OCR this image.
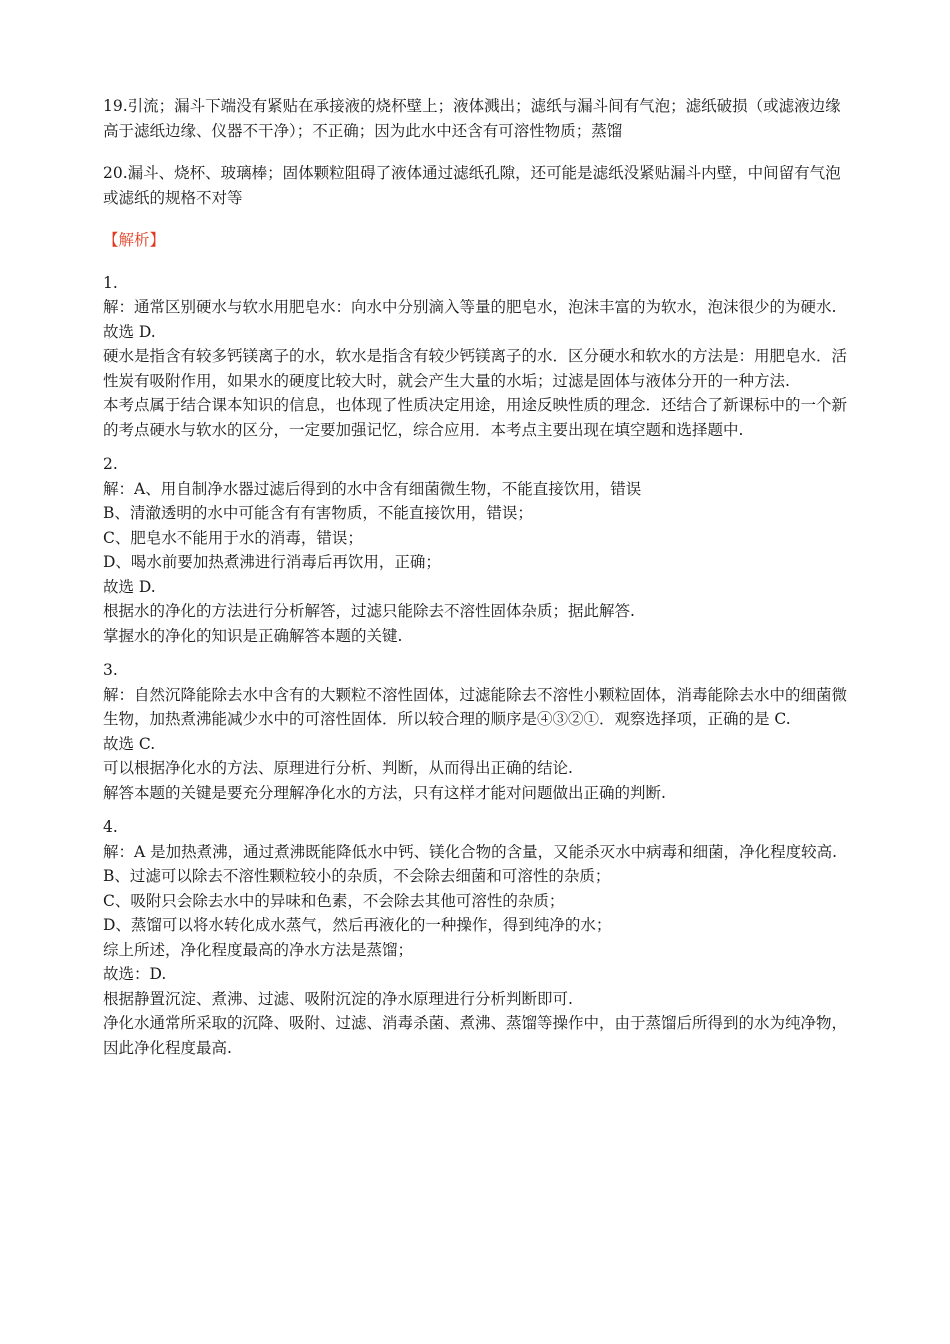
19.引流；漏斗下端没有紧贴在承接液的烧杯壁上；液体溅出；滤纸与漏斗间有气泡；滤纸破损（或滤液边缘高于滤纸边缘、仪器不干净）；不正确；因为此水中还含有可溶性物质；蒸馏

20.漏斗、烧杯、玻璃棒；固体颗粒阻碍了液体通过滤纸孔隙，还可能是滤纸没紧贴漏斗内壁，中间留有气泡或滤纸的规格不对等

【解析】

1.
解：通常区别硬水与软水用肥皂水：向水中分别滴入等量的肥皂水，泡沫丰富的为软水，泡沫很少的为硬水.
故选 D.
硬水是指含有较多钙镁离子的水，软水是指含有较少钙镁离子的水．区分硬水和软水的方法是：用肥皂水．活性炭有吸附作用，如果水的硬度比较大时，就会产生大量的水垢；过滤是固体与液体分开的一种方法.
本考点属于结合课本知识的信息，也体现了性质决定用途，用途反映性质的理念．还结合了新课标中的一个新的考点硬水与软水的区分，一定要加强记忆，综合应用．本考点主要出现在填空题和选择题中.
2.
解：A、用自制净水器过滤后得到的水中含有细菌微生物，不能直接饮用，错误
B、清澈透明的水中可能含有有害物质，不能直接饮用，错误；
C、肥皂水不能用于水的消毒，错误；
D、喝水前要加热煮沸进行消毒后再饮用，正确；
故选 D.
根据水的净化的方法进行分析解答，过滤只能除去不溶性固体杂质；据此解答.
掌握水的净化的知识是正确解答本题的关键.
3.
解：自然沉降能除去水中含有的大颗粒不溶性固体，过滤能除去不溶性小颗粒固体，消毒能除去水中的细菌微生物，加热煮沸能减少水中的可溶性固体．所以较合理的顺序是④③②①．观察选择项，正确的是 C.
故选 C.
可以根据净化水的方法、原理进行分析、判断，从而得出正确的结论.
解答本题的关键是要充分理解净化水的方法，只有这样才能对问题做出正确的判断.
4.
解：A 是加热煮沸，通过煮沸既能降低水中钙、镁化合物的含量，又能杀灭水中病毒和细菌，净化程度较高.
B、过滤可以除去不溶性颗粒较小的杂质，不会除去细菌和可溶性的杂质；
C、吸附只会除去水中的异味和色素，不会除去其他可溶性的杂质；
D、蒸馏可以将水转化成水蒸气，然后再液化的一种操作，得到纯净的水；
综上所述，净化程度最高的净水方法是蒸馏；
故选：D.
根据静置沉淀、煮沸、过滤、吸附沉淀的净水原理进行分析判断即可.
净化水通常所采取的沉降、吸附、过滤、消毒杀菌、煮沸、蒸馏等操作中，由于蒸馏后所得到的水为纯净物，因此净化程度最高.
